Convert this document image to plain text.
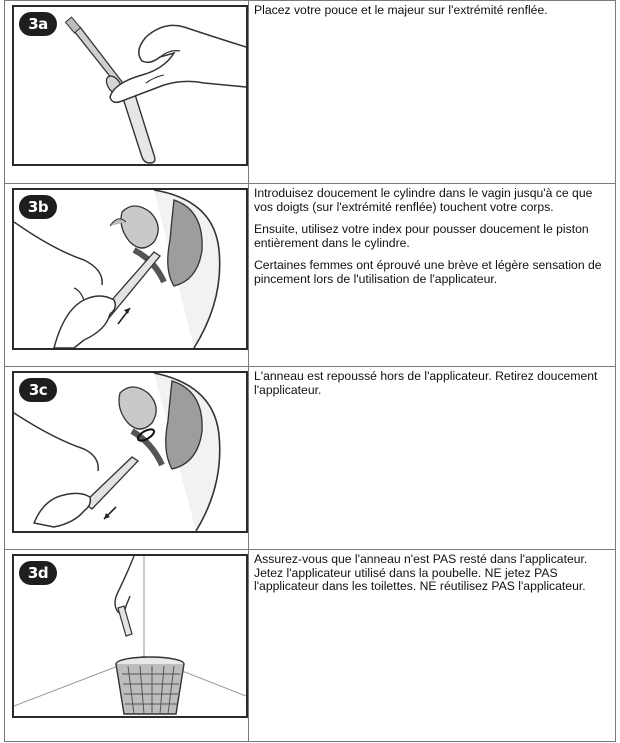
3a	Placez votre pouce et le majeur sur l'extrémité renflée.

3b	Introduisez doucement le cylindre dans le vagin jusqu'à ce que vos doigts (sur l'extrémité renflée) touchent votre corps.

Ensuite, utilisez votre index pour pousser doucement le piston entièrement dans le cylindre.

Certaines femmes ont éprouvé une brève et légère sensation de pincement lors de l'utilisation de l'applicateur.

3c	L'anneau est repoussé hors de l'applicateur. Retirez doucement l'applicateur.

3d	Assurez-vous que l'anneau n'est PAS resté dans l'applicateur. Jetez l'applicateur utilisé dans la poubelle. NE jetez PAS l'applicateur dans les toilettes. NE réutilisez PAS l'applicateur.
